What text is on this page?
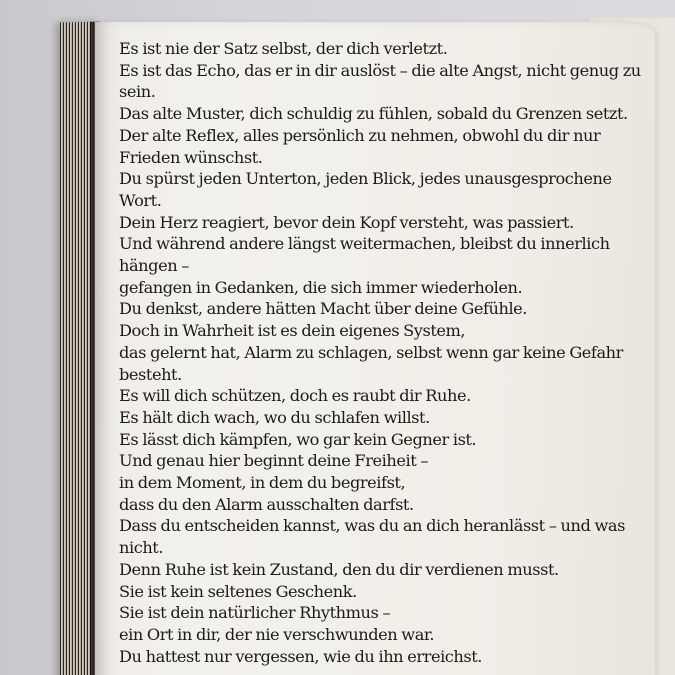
Es ist nie der Satz selbst, der dich verletzt.
Es ist das Echo, das er in dir auslöst – die alte Angst, nicht genug zu
sein.
Das alte Muster, dich schuldig zu fühlen, sobald du Grenzen setzt.
Der alte Reflex, alles persönlich zu nehmen, obwohl du dir nur
Frieden wünschst.
Du spürst jeden Unterton, jeden Blick, jedes unausgesprochene
Wort.
Dein Herz reagiert, bevor dein Kopf versteht, was passiert.
Und während andere längst weitermachen, bleibst du innerlich
hängen –
gefangen in Gedanken, die sich immer wiederholen.
Du denkst, andere hätten Macht über deine Gefühle.
Doch in Wahrheit ist es dein eigenes System,
das gelernt hat, Alarm zu schlagen, selbst wenn gar keine Gefahr
besteht.
Es will dich schützen, doch es raubt dir Ruhe.
Es hält dich wach, wo du schlafen willst.
Es lässt dich kämpfen, wo gar kein Gegner ist.
Und genau hier beginnt deine Freiheit –
in dem Moment, in dem du begreifst,
dass du den Alarm ausschalten darfst.
Dass du entscheiden kannst, was du an dich heranlässt – und was
nicht.
Denn Ruhe ist kein Zustand, den du dir verdienen musst.
Sie ist kein seltenes Geschenk.
Sie ist dein natürlicher Rhythmus –
ein Ort in dir, der nie verschwunden war.
Du hattest nur vergessen, wie du ihn erreichst.
